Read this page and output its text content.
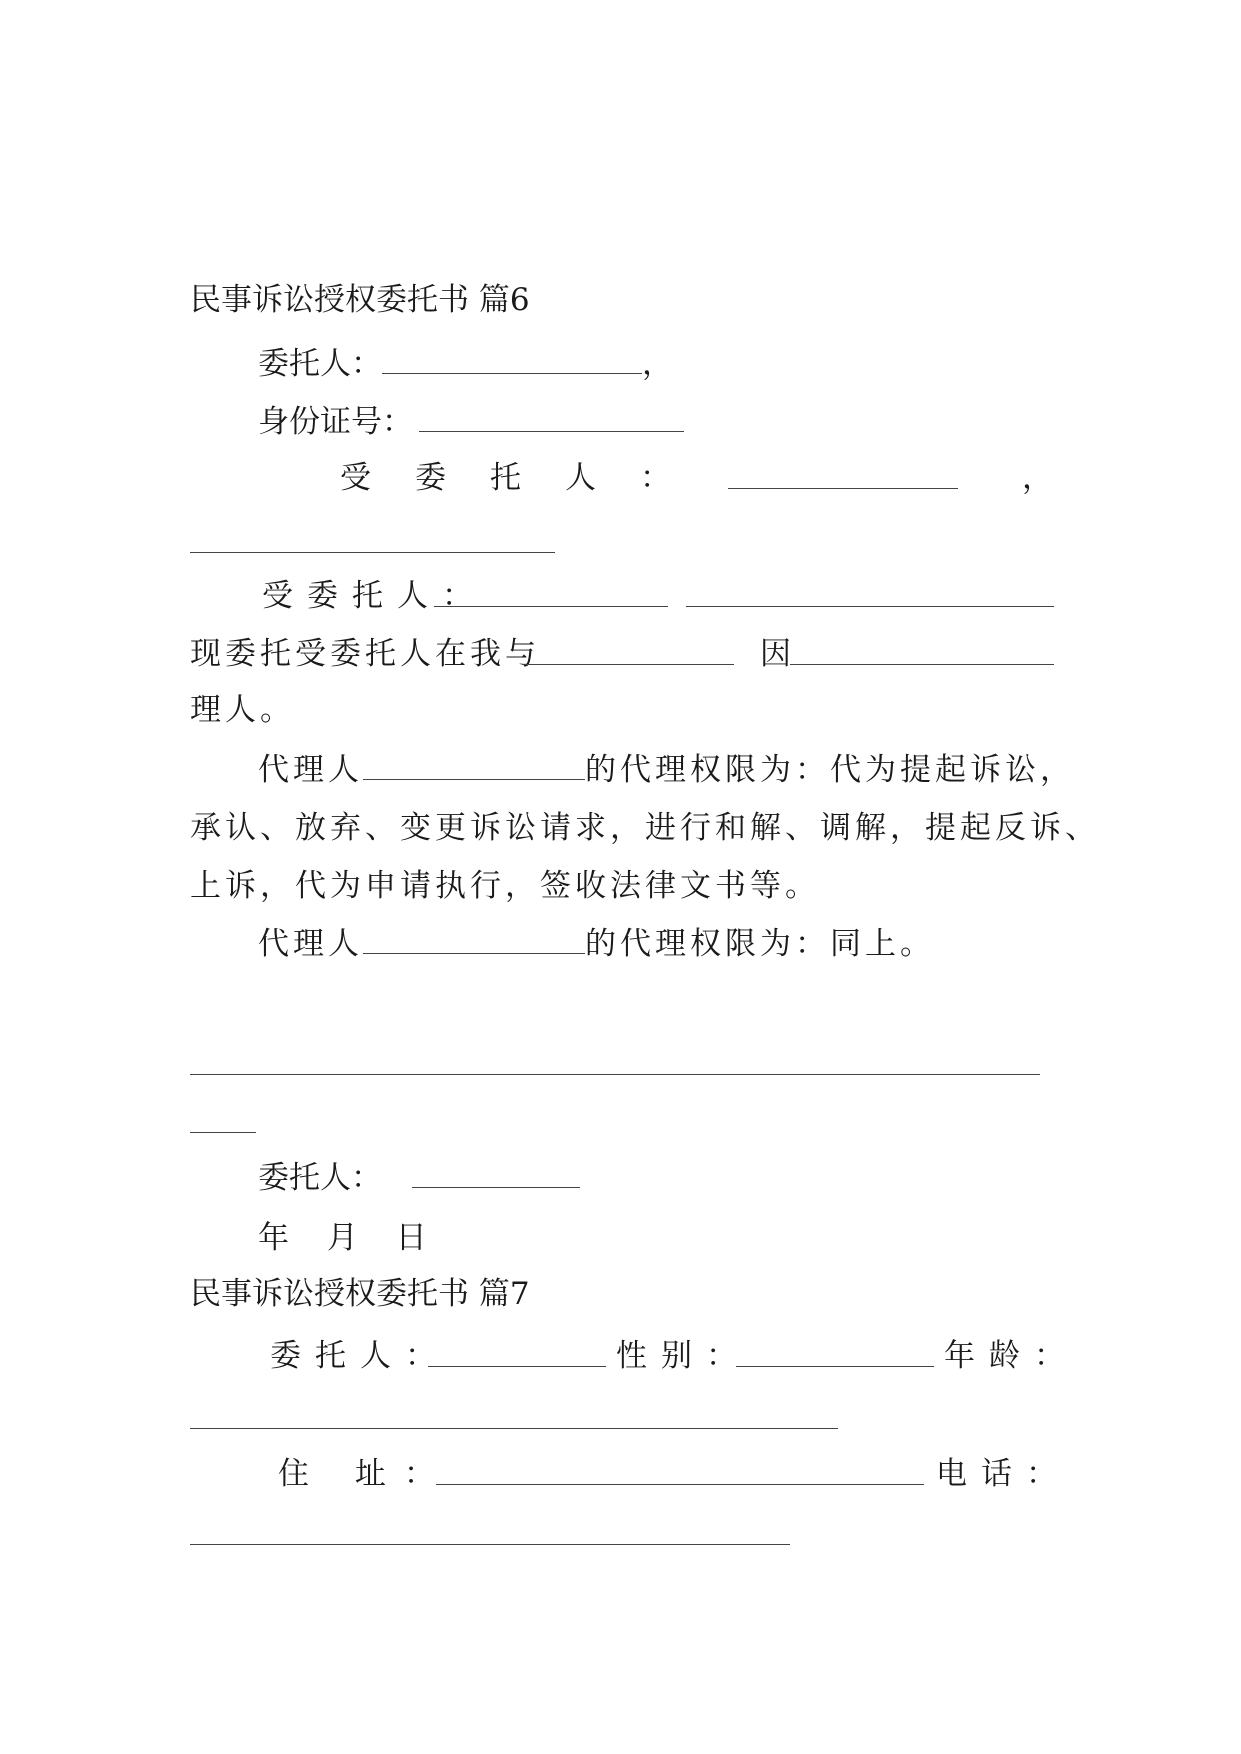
民事诉讼授权委托书 篇6
委托人：	，
身份证号：
受委托人：	，
受委托人：
现委托受委托人在我与	因
理人。
代理人	的代理权限为：代为提起诉讼，
承认、放弃、变更诉讼请求，进行和解、调解，提起反诉、
上诉，代为申请执行，签收法律文书等。
代理人	的代理权限为：同上。
委托人：
年 月 日
民事诉讼授权委托书 篇7
委托人：	性别：	年龄：
住 址：	电话：
